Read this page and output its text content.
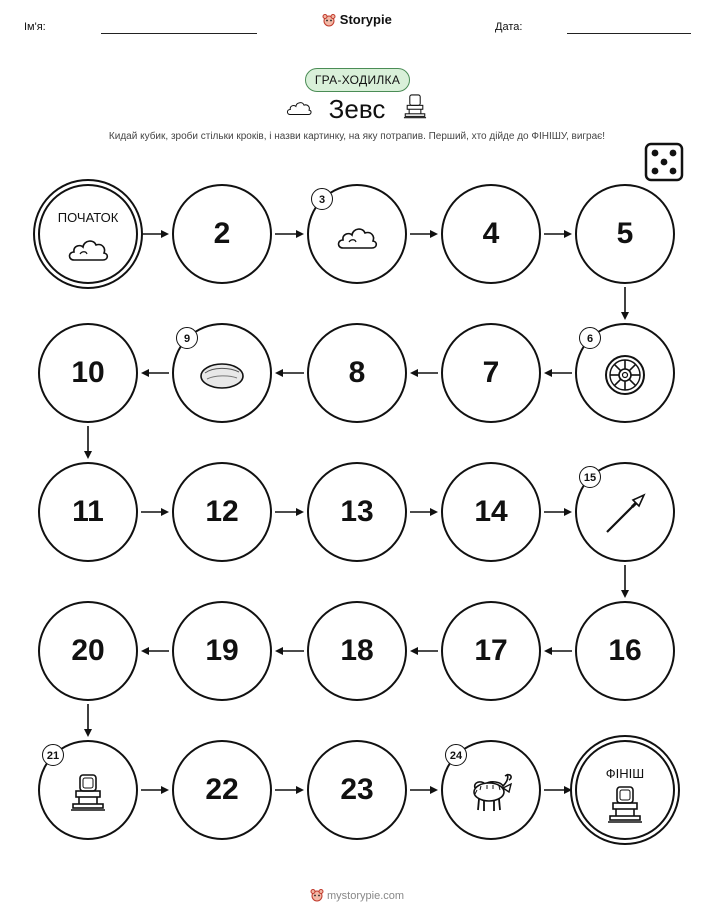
Ім'я:	Storypie	Дата:
ГРА-ХОДИЛКА
Зевс
Кидай кубик, зроби стільки кроків, і назви картинку, на яку потрапив. Перший, хто дійде до ФІНІШУ, виграє!
ПОЧАТОК	2
3
4	5
6
7
8
9
10
11	12	13	14
15
16
17
18
19
20
21
22	23
24
ФІНІШ
mystorypie.com
